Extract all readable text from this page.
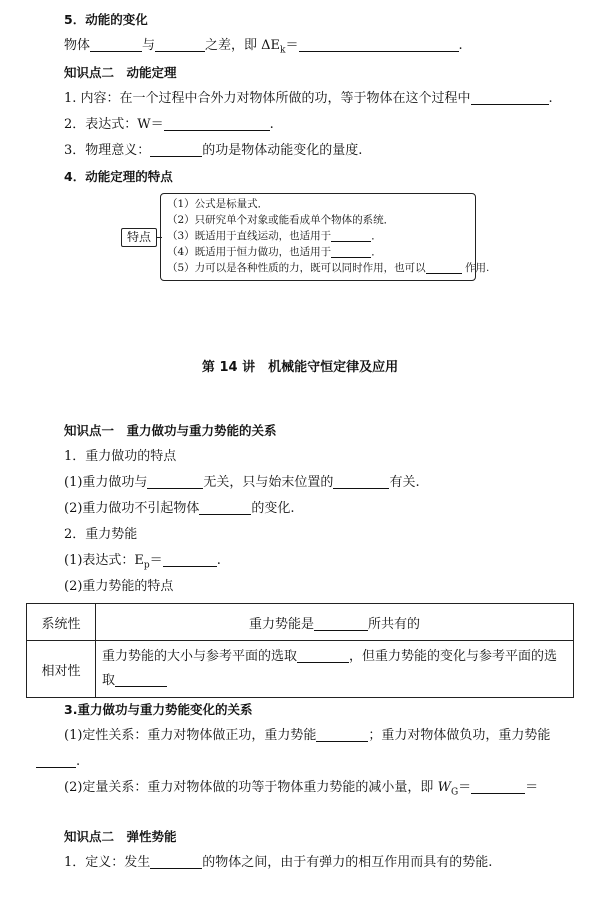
5．动能的变化
物体	与	之差，即 $\Delta E_k=$	.
知识点二　动能定理
1. 内容：在一个过程中合外力对物体所做的功，等于物体在这个过程中	.
2．表达式：W＝	.
3．物理意义：	的功是物体动能变化的量度.
4．动能定理的特点
特点
（1）公式是标量式．
（2）只研究单个对象或能看成单个物体的系统．
（3）既适用于直线运动，也适用于	．
（4）既适用于恒力做功，也适用于	．
（5）力可以是各种性质的力，既可以同时作用，也可以	作用.
第 14 讲　机械能守恒定律及应用
知识点一　重力做功与重力势能的关系
1．重力做功的特点
(1)重力做功与	无关，只与始末位置的	有关.
(2)重力做功不引起物体	的变化.
2．重力势能
(1)表达式：$E_p=$	.
(2)重力势能的特点
系统性	重力势能是 所共有的
相对性	重力势能的大小与参考平面的选取 ，但重力势能的变化与参考平面的选取
3.重力做功与重力势能变化的关系
(1)定性关系：重力对物体做正功，重力势能	；重力对物体做负功，重力势能
.
(2)定量关系：重力对物体做的功等于物体重力势能的减小量，即 $W_G=$	＝
知识点二　弹性势能
1．定义：发生	的物体之间，由于有弹力的相互作用而具有的势能.
